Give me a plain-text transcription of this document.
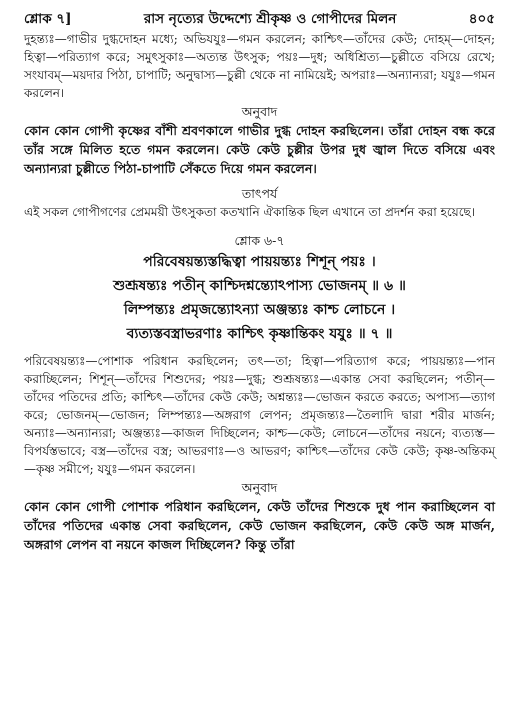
শ্লোক ৭]	রাস নৃত্যের উদ্দেশ্যে শ্রীকৃষ্ণ ও গোপীদের মিলন	৪০৫

দুহন্ত্যঃ—গাভীর দুগ্ধদোহন মধ্যে; অভিযযুঃ—গমন করলেন; কাশ্চিৎ—তাঁদের কেউ; দোহম্—দোহন; হিত্বা—পরিত্যাগ করে; সমুৎসুকাঃ—অত্যন্ত উৎসুক; পয়ঃ—দুধ; অধিশ্রিত্য—চুল্লীতে বসিয়ে রেখে; সংযাবম্—ময়দার পিঠা, চাপাটি; অনুদ্বাস্য—চুল্লী থেকে না নামিয়েই; অপরাঃ—অন্যান্যরা; যযুঃ—গমন করলেন।

অনুবাদ

কোন কোন গোপী কৃষ্ণের বাঁশী শ্রবণকালে গাভীর দুগ্ধ দোহন করছিলেন। তাঁরা দোহন বন্ধ করে তাঁর সঙ্গে মিলিত হতে গমন করলেন। কেউ কেউ চুল্লীর উপর দুধ জ্বাল দিতে বসিয়ে এবং অন্যান্যরা চুল্লীতে পিঠা-চাপাটি সেঁকতে দিয়ে গমন করলেন।

তাৎপর্য

এই সকল গোপীগণের প্রেমময়ী উৎসুকতা কতখানি ঐকান্তিক ছিল এখানে তা প্রদর্শন করা হয়েছে।

শ্লোক ৬-৭

পরিবেষয়ন্ত্যস্তদ্ধিত্বা পায়য়ন্ত্যঃ শিশূন্ পয়ঃ ।

শুশ্রূষন্ত্যঃ পতীন্ কাশ্চিদশ্নন্ত্যোঽপাস্য ভোজনম্ ॥ ৬ ॥

লিম্পন্ত্যঃ প্রমৃজন্ত্যোঽন্যা অঞ্জন্ত্যঃ কাশ্চ লোচনে ।

ব্যত্যস্তবস্ত্রাভরণাঃ কাশ্চিৎ কৃষ্ণান্তিকং যযুঃ ॥ ৭ ॥

পরিবেষয়ন্ত্যঃ—পোশাক পরিধান করছিলেন; তৎ—তা; হিত্বা—পরিত্যাগ করে; পায়য়ন্ত্যঃ—পান করাচ্ছিলেন; শিশূন্—তাঁদের শিশুদের; পয়ঃ—দুগ্ধ; শুশ্রূষন্ত্যঃ—একান্ত সেবা করছিলেন; পতীন্—তাঁদের পতিদের প্রতি; কাশ্চিৎ—তাঁদের কেউ কেউ; অশ্নন্ত্যঃ—ভোজন করতে করতে; অপাস্য—ত্যাগ করে; ভোজনম্—ভোজন; লিম্পন্ত্যঃ—অঙ্গরাগ লেপন; প্রমৃজন্ত্যঃ—তৈলাদি দ্বারা শরীর মার্জন; অন্যাঃ—অন্যান্যরা; অঞ্জন্ত্যঃ—কাজল দিচ্ছিলেন; কাশ্চ—কেউ; লোচনে—তাঁদের নয়নে; ব্যত্যস্ত—বিপর্যস্তভাবে; বস্ত্র—তাঁদের বস্ত্র; আভরণাঃ—ও আভরণ; কাশ্চিৎ—তাঁদের কেউ কেউ; কৃষ্ণ-অন্তিকম্—কৃষ্ণ সমীপে; যযুঃ—গমন করলেন।

অনুবাদ

কোন কোন গোপী পোশাক পরিধান করছিলেন, কেউ তাঁদের শিশুকে দুধ পান করাচ্ছিলেন বা তাঁদের পতিদের একান্ত সেবা করছিলেন, কেউ ভোজন করছিলেন, কেউ কেউ অঙ্গ মার্জন, অঙ্গরাগ লেপন বা নয়নে কাজল দিচ্ছিলেন? কিন্তু তাঁরা
